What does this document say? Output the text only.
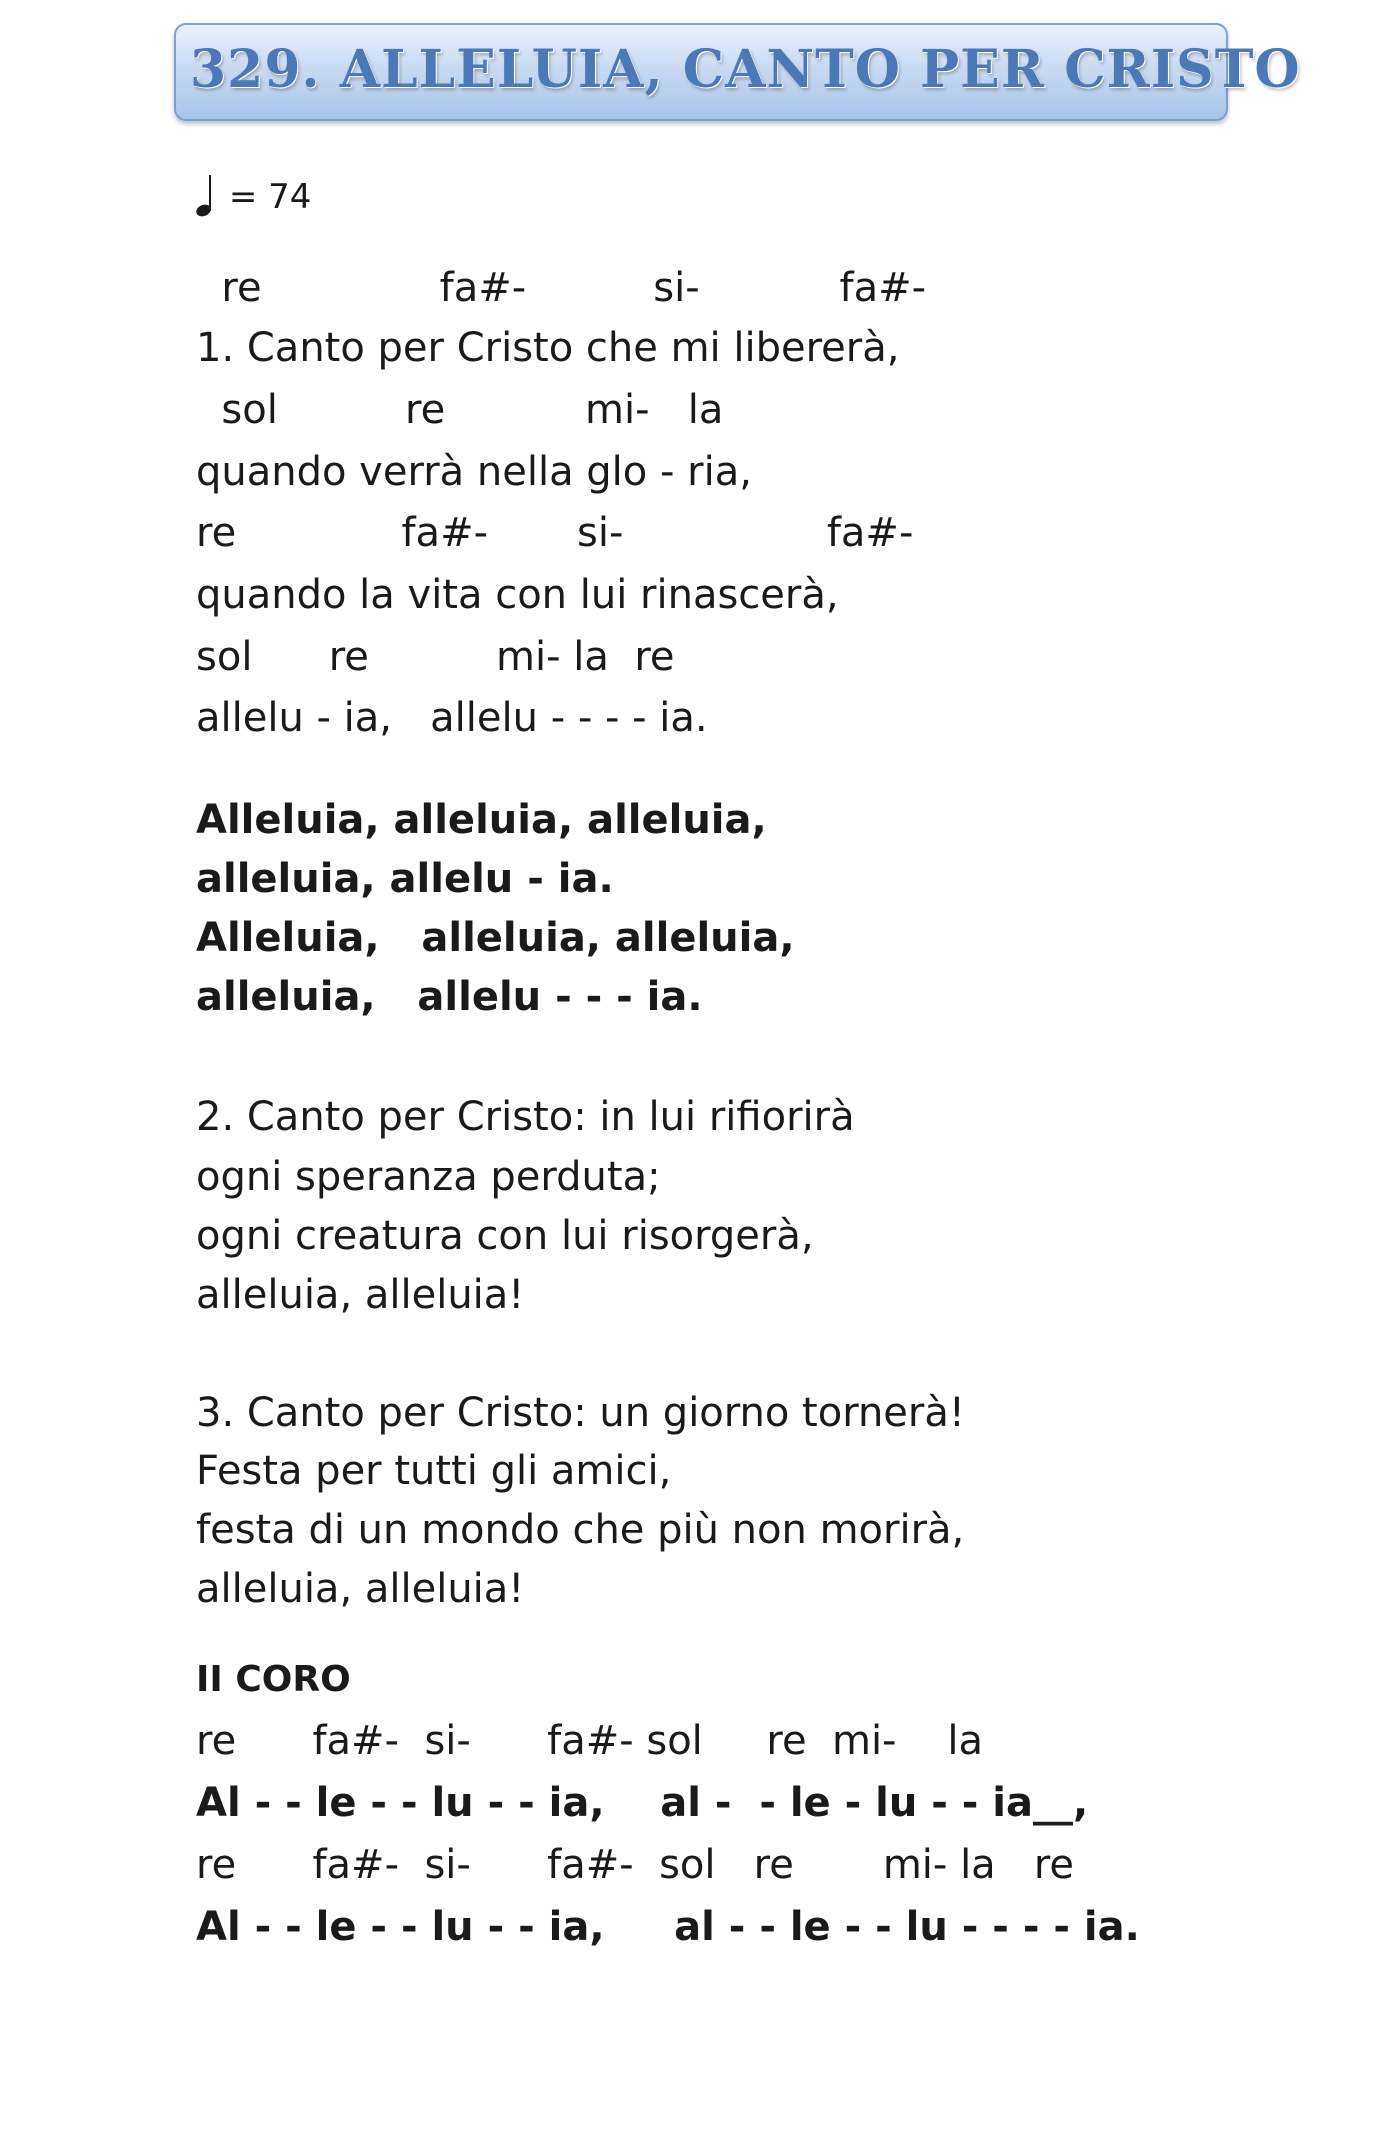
329. ALLELUIA, CANTO PER CRISTO
= 74
re              fa#-          si-           fa#-
1. Canto per Cristo che mi libererà,
sol          re           mi-   la
quando verrà nella glo - ria,
re             fa#-       si-                fa#-
quando la vita con lui rinascerà,
sol      re          mi- la  re
allelu - ia,   allelu - - - - ia.
Alleluia, alleluia, alleluia,
alleluia, allelu - ia.
Alleluia,   alleluia, alleluia,
alleluia,   allelu - - - ia.
2. Canto per Cristo: in lui rifiorirà
ogni speranza perduta;
ogni creatura con lui risorgerà,
alleluia, alleluia!
3. Canto per Cristo: un giorno tornerà!
Festa per tutti gli amici,
festa di un mondo che più non morirà,
alleluia, alleluia!
II CORO
re      fa#-  si-      fa#- sol     re  mi-    la
Al - - le - - lu - - ia,    al -  - le - lu - - ia__,
re      fa#-  si-      fa#-  sol   re       mi- la   re
Al - - le - - lu - - ia,     al - - le - - lu - - - - ia.
